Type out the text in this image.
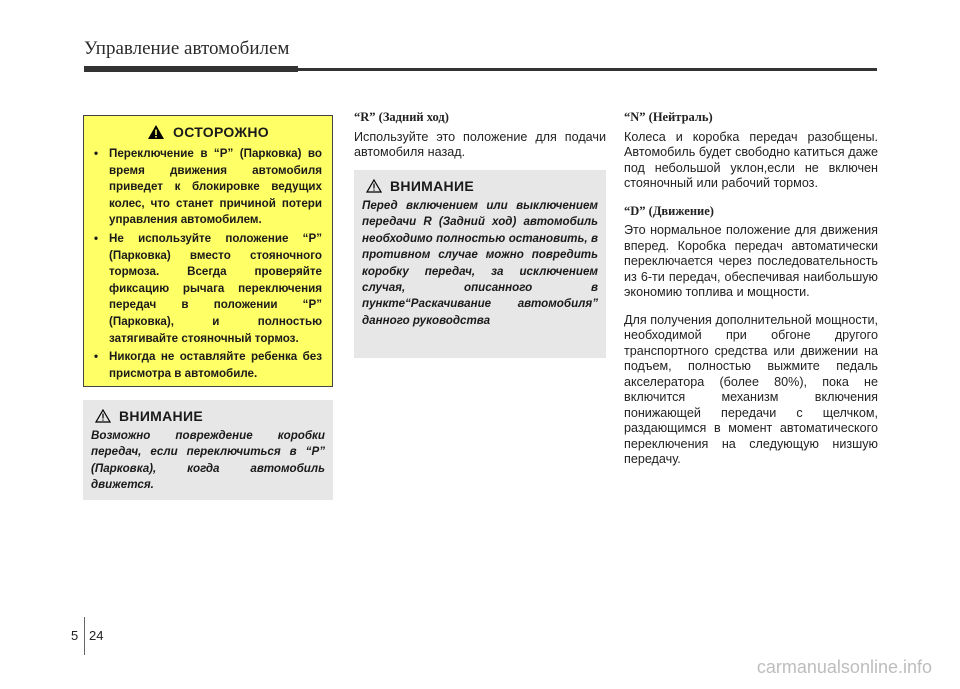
Управление автомобилем
ОСТОРОЖНО
• Переключение в “P” (Парковка) во время движения автомобиля приведет к блокировке ведущих колес, что станет причиной потери управления автомобилем.
• Не используйте положение “P” (Парковка) вместо стояночного тормоза. Всегда проверяйте фиксацию рычага переключения передач в положении “P” (Парковка), и полностью затягивайте стояночный тормоз.
• Никогда не оставляйте ребенка без присмотра в автомобиле.
ВНИМАНИЕ

Возможно повреждение коробки передач, если переключиться в “P” (Парковка), когда автомобиль движется.

“R” (Задний ход)

Используйте это положение для подачи автомобиля назад.

ВНИМАНИЕ

Перед включением или выключением передачи R (Задний ход) автомобиль необходимо полностью остановить, в противном случае можно повредить коробку передач, за исключением случая, описанного в пункте“Раскачивание автомобиля” данного руководства

“N” (Нейтраль)

Колеса и коробка передач разобщены. Автомобиль будет свободно катиться даже под небольшой уклон,если не включен стояночный или рабочий тормоз.

“D” (Движение)

Это нормальное положение для движения вперед. Коробка передач автоматически переключается через последовательность из 6-ти передач, обеспечивая наибольшую экономию топлива и мощности.

Для получения дополнительной мощности, необходимой при обгоне другого транспортного средства или движении на подъем, полностью выжмите педаль акселератора (более 80%), пока не включится механизм включения понижающей передачи с щелчком, раздающимся в момент автоматического переключения на следующую низшую передачу.

5 24
carmanualsonline.info
